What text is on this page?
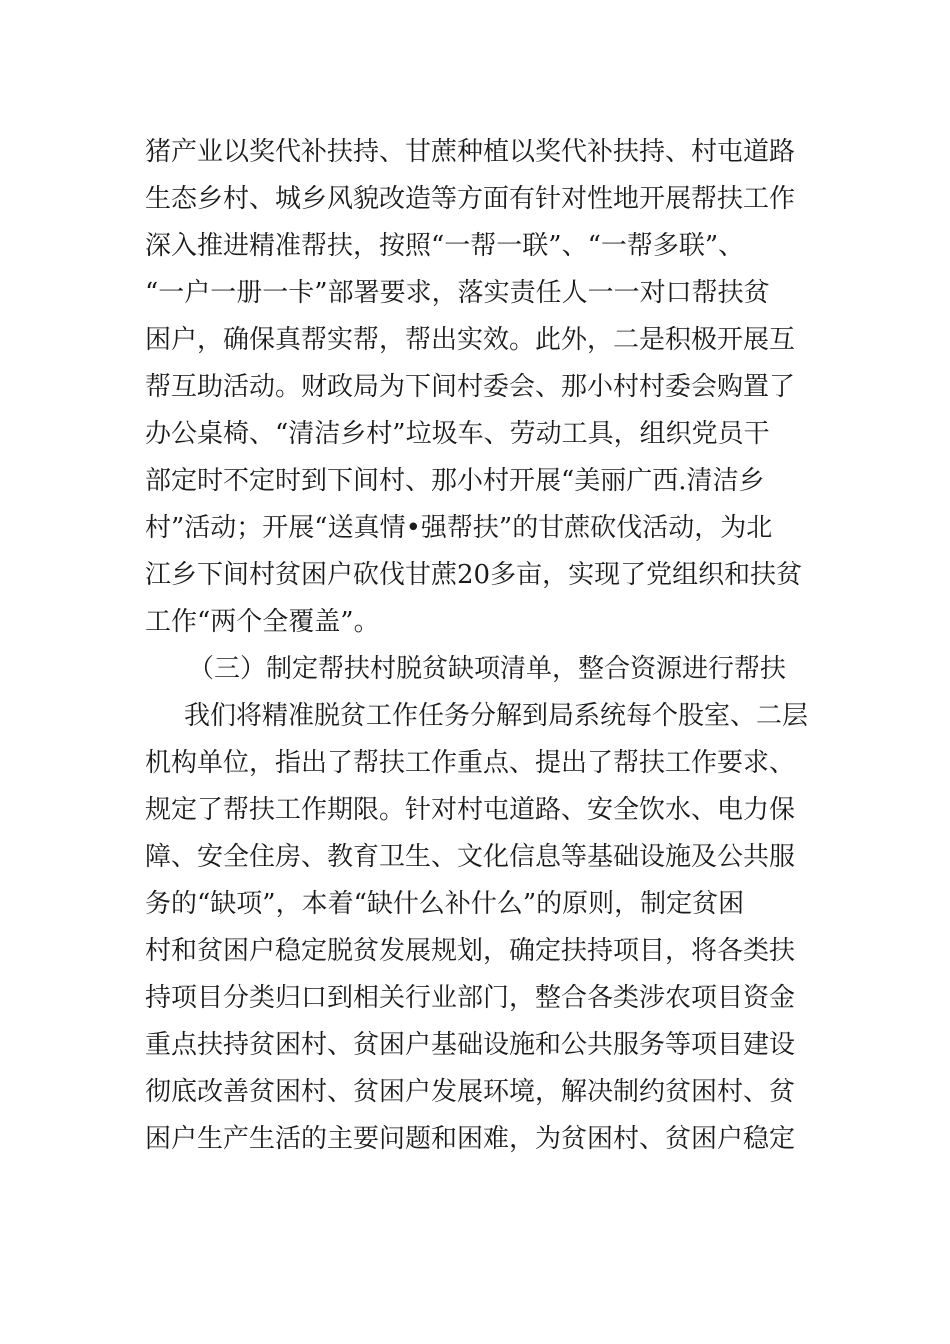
猪产业以奖代补扶持、甘蔗种植以奖代补扶持、村屯道路
生态乡村、城乡风貌改造等方面有针对性地开展帮扶工作
深入推进精准帮扶，按照“一帮一联”、“一帮多联”、
“一户一册一卡”部署要求，落实责任人一一对口帮扶贫
困户，确保真帮实帮，帮出实效。此外，二是积极开展互
帮互助活动。财政局为下间村委会、那小村村委会购置了
办公桌椅、“清洁乡村”垃圾车、劳动工具，组织党员干
部定时不定时到下间村、那小村开展“美丽广西.清洁乡
村”活动；开展“送真情•强帮扶”的甘蔗砍伐活动，为北
江乡下间村贫困户砍伐甘蔗20多亩，实现了党组织和扶贫
工作“两个全覆盖”。
（三）制定帮扶村脱贫缺项清单，整合资源进行帮扶
我们将精准脱贫工作任务分解到局系统每个股室、二层
机构单位，指出了帮扶工作重点、提出了帮扶工作要求、
规定了帮扶工作期限。针对村屯道路、安全饮水、电力保
障、安全住房、教育卫生、文化信息等基础设施及公共服
务的“缺项”，本着“缺什么补什么”的原则，制定贫困
村和贫困户稳定脱贫发展规划，确定扶持项目，将各类扶
持项目分类归口到相关行业部门，整合各类涉农项目资金
重点扶持贫困村、贫困户基础设施和公共服务等项目建设
彻底改善贫困村、贫困户发展环境，解决制约贫困村、贫
困户生产生活的主要问题和困难，为贫困村、贫困户稳定
